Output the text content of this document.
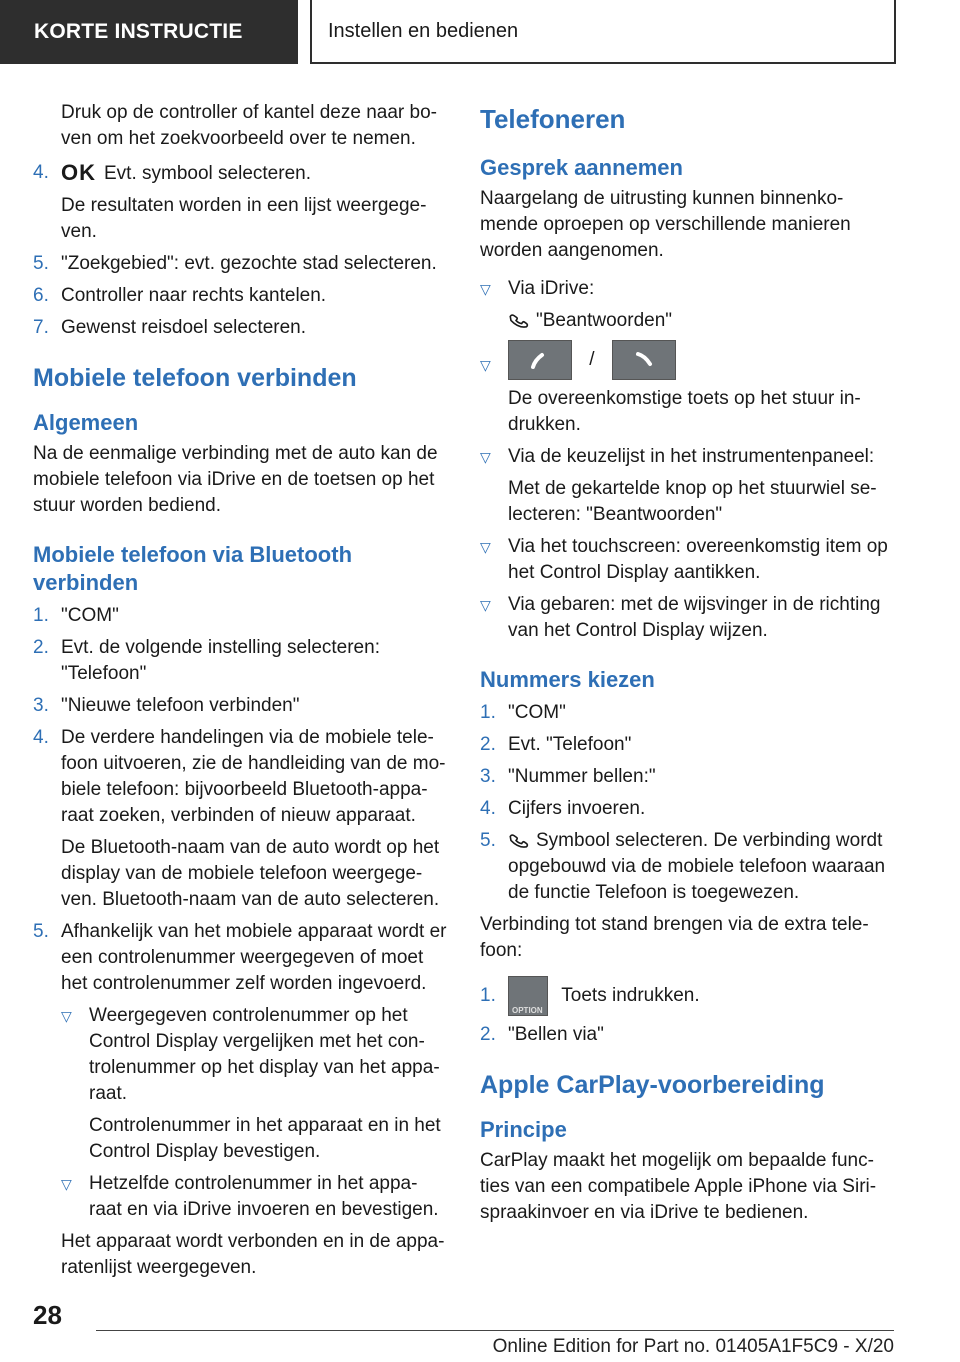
KORTE INSTRUCTIE	Instellen en bedienen

Druk op de controller of kantel deze naar bo-ven om het zoekvoorbeeld over te nemen.

4. OK Evt. symbool selecteren.

De resultaten worden in een lijst weergege-ven.

5. "Zoekgebied": evt. gezochte stad selecteren.
6. Controller naar rechts kantelen.
7. Gewenst reisdoel selecteren.
Mobiele telefoon verbinden
Algemeen

Na de eenmalige verbinding met de auto kan de mobiele telefoon via iDrive en de toetsen op het stuur worden bediend.

Mobiele telefoon via Bluetooth verbinden
1. "COM"
2. Evt. de volgende instelling selecteren: "Telefoon"
3. "Nieuwe telefoon verbinden"
4. De verdere handelingen via de mobiele tele-foon uitvoeren, zie de handleiding van de mo-biele telefoon: bijvoorbeeld Bluetooth-appa-raat zoeken, verbinden of nieuw apparaat.

De Bluetooth-naam van de auto wordt op het display van de mobiele telefoon weergege-ven. Bluetooth-naam van de auto selecteren.

5. Afhankelijk van het mobiele apparaat wordt er een controlenummer weergegeven of moet het controlenummer zelf worden ingevoerd.
▽ Weergegeven controlenummer op het Control Display vergelijken met het con-trolenummer op het display van het appa-raat.

Controlenummer in het apparaat en in het Control Display bevestigen.

▽ Hetzelfde controlenummer in het appa-raat en via iDrive invoeren en bevestigen.

Het apparaat wordt verbonden en in de appa-ratenlijst weergegeven.

Telefoneren
Gesprek aannemen

Naargelang de uitrusting kunnen binnenko-mende oproepen op verschillende manieren worden aangenomen.

▽ Via iDrive:
"Beantwoorden"
▽	/

De overeenkomstige toets op het stuur in-drukken.

▽ Via de keuzelijst in het instrumentenpaneel:

Met de gekartelde knop op het stuurwiel se-lecteren: "Beantwoorden"

▽ Via het touchscreen: overeenkomstig item op het Control Display aantikken.
▽ Via gebaren: met de wijsvinger in de richting van het Control Display wijzen.
Nummers kiezen
1. "COM"
2. Evt. "Telefoon"
3. "Nummer bellen:"
4. Cijfers invoeren.
5. Symbool selecteren. De verbinding wordt opgebouwd via de mobiele telefoon waaraan de functie Telefoon is toegewezen.

Verbinding tot stand brengen via de extra tele-foon:

1.
OPTION
Toets indrukken.
2. "Bellen via"
Apple CarPlay-voorbereiding
Principe

CarPlay maakt het mogelijk om bepaalde func-ties van een compatibele Apple iPhone via Siri-spraakinvoer en via iDrive te bedienen.

28
Online Edition for Part no. 01405A1F5C9 - X/20
